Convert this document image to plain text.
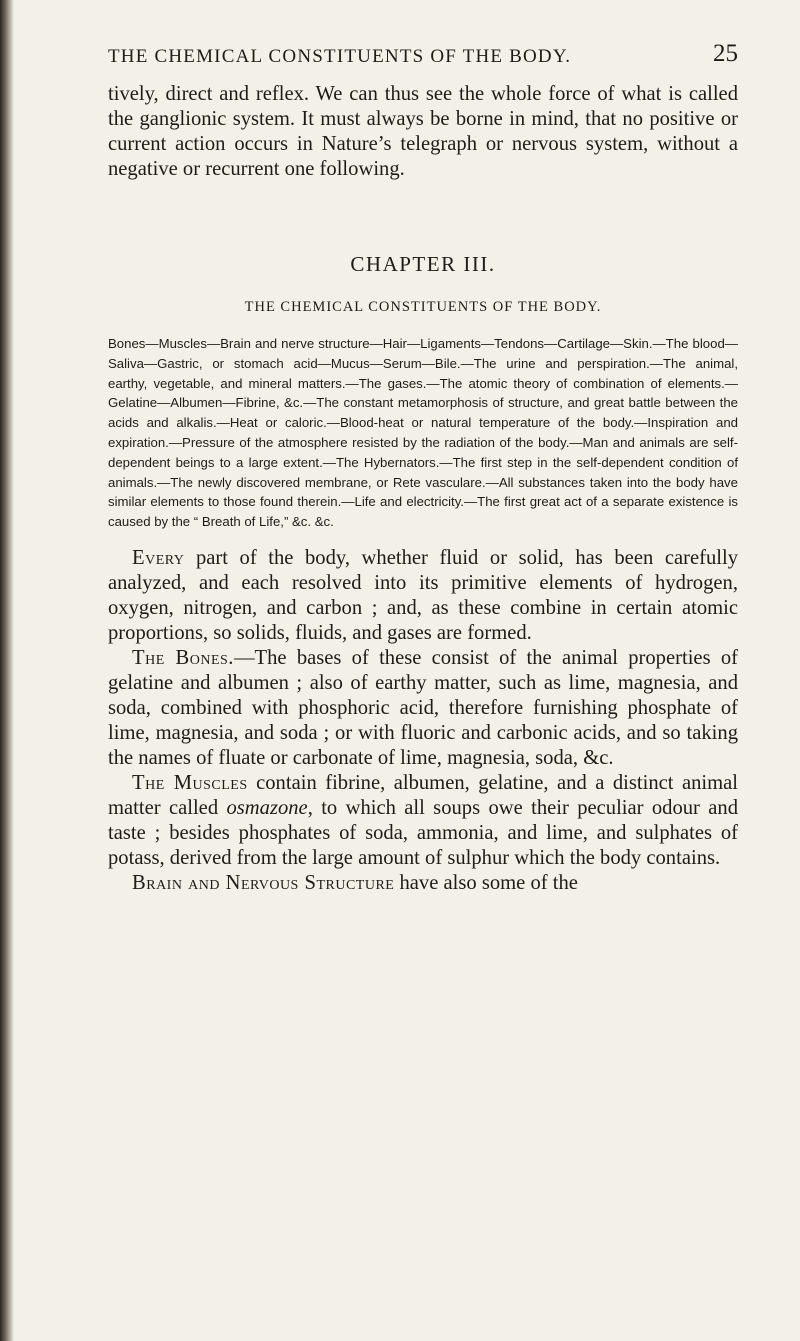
THE CHEMICAL CONSTITUENTS OF THE BODY.	25

tively, direct and reflex. We can thus see the whole force of what is called the ganglionic system. It must always be borne in mind, that no positive or current action occurs in Nature’s telegraph or nervous system, without a negative or recurrent one following.

CHAPTER III.
THE CHEMICAL CONSTITUENTS OF THE BODY.

Bones—Muscles—Brain and nerve structure—Hair—Ligaments—Tendons—Cartilage—Skin.—The blood—Saliva—Gastric, or stomach acid—Mucus—Serum—Bile.—The urine and perspiration.—The animal, earthy, vegetable, and mineral matters.—The gases.—The atomic theory of combination of elements.—Gelatine—Albumen—Fibrine, &c.—The constant metamorphosis of structure, and great battle between the acids and alkalis.—Heat or caloric.—Blood-heat or natural temperature of the body.—Inspiration and expiration.—Pressure of the atmosphere resisted by the radiation of the body.—Man and animals are self-dependent beings to a large extent.—The Hybernators.—The first step in the self-dependent condition of animals.—The newly discovered membrane, or Rete vasculare.—All substances taken into the body have similar elements to those found therein.—Life and electricity.—The first great act of a separate existence is caused by the “ Breath of Life,” &c. &c.

Every part of the body, whether fluid or solid, has been carefully analyzed, and each resolved into its primitive elements of hydrogen, oxygen, nitrogen, and carbon ; and, as these combine in certain atomic proportions, so solids, fluids, and gases are formed.

The Bones.—The bases of these consist of the animal properties of gelatine and albumen ; also of earthy matter, such as lime, magnesia, and soda, combined with phosphoric acid, therefore furnishing phosphate of lime, magnesia, and soda ; or with fluoric and carbonic acids, and so taking the names of fluate or carbonate of lime, magnesia, soda, &c.

The Muscles contain fibrine, albumen, gelatine, and a distinct animal matter called osmazone, to which all soups owe their peculiar odour and taste ; besides phosphates of soda, ammonia, and lime, and sulphates of potass, derived from the large amount of sulphur which the body contains.

Brain and Nervous Structure have also some of the
